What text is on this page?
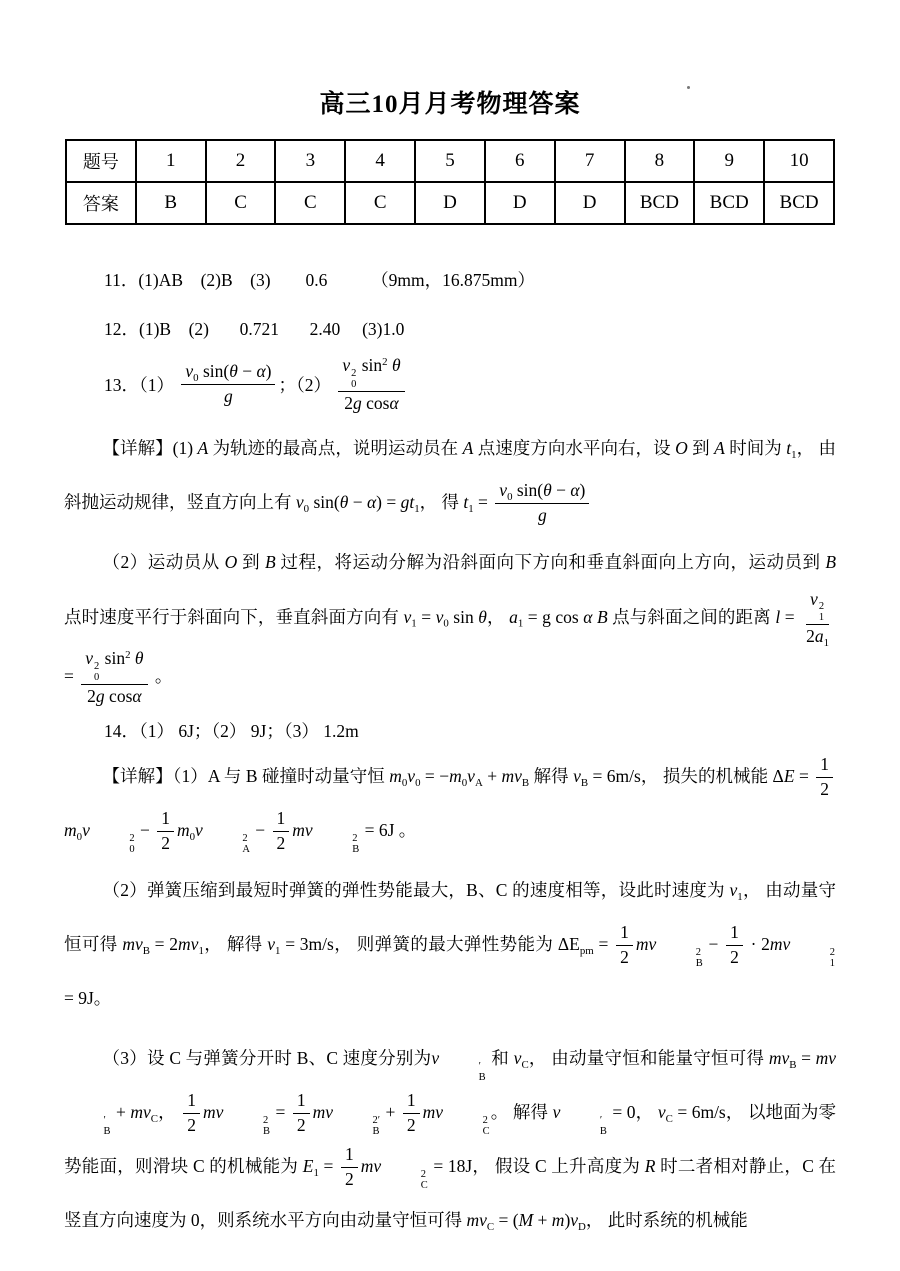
高三10月月考物理答案
题号	1	2	3	4	5	6	7	8	9	10
答案	B	C	C	C	D	D	D	BCD	BCD	BCD
11．(1)AB    (2)B    (3)        0.6          （9mm，16.875mm）
12．(1)B    (2)       0.721       2.40     (3)1.0
13．$(1) \frac{v_0 \sin(\theta - \alpha)}{g}$ ；（2） v 2
0
$\sin^2 \theta$
2g cosα

【详解】(1) A 为轨迹的最高点，说明运动员在 A 点速度方向水平向右，设 O 到 A 时间为 $t_1$， 由斜抛运动规律，竖直方向上有 $v_0$ $\sin(\theta - \alpha) = gt_1$， 得 $t_1 = \frac{v_0 \sin(\theta - \alpha)}{g}$

（2）运动员从 O 到 B 过程，将运动分解为沿斜面向下方向和垂直斜面向上方向，运动员到 B 点时速度平行于斜面向下，垂直斜面方向有 $v_1 = v_0$ sin θ， $a_1 = g$ cos α B 点与斜面之间的距离 l = v 2
1
$2a_1$
= v 2
0
$\sin^2 \theta$
2g cosα 。

14．（1） 6J；（2） 9J；（3） 1.2m

【详解】（1）A 与 B 碰撞时动量守恒 $m_0v_0 = -m_0v_A + mv_B$ 解得 $v_B = 6m/s$， 损失的机械能 $\Delta E = \frac{1}{2}$
$m_0v$	2
0
− $\frac{1}{2} m_0v$	2
A
− $\frac{1}{2}$ mv	2
B
= 6J 。

（2）弹簧压缩到最短时弹簧的弹性势能最大，B、C 的速度相等，设此时速度为 $v_1$， 由动量守恒可得 $mv_B = 2mv_1$， 解得 $v_1 = 3m/s$， 则弹簧的最大弹性势能为 $\Delta E_{pm} = \frac{1}{2}$ mv	2
B
− $\frac{1}{2} \cdot 2mv$	2
1
= 9J。

（3）设 C 与弹簧分开时 B、C 速度分别为v	′
B
和 $v_C$， 由动量守恒和能量守恒可得 $mv_B$ = mv
′
B
+ $mv_C$， $\frac{1}{2}$ mv	2
B
= $\frac{1}{2}$ mv	2′
B
+ $\frac{1}{2}$ mv	2
C
。 解得 v	′
B
= 0， $v_C = 6m/s$， 以地面为零势能面，则滑块 C 的机械能为 $E_1 = \frac{1}{2}$ mv	2
C
= 18J， 假设 C 上升高度为 R 时二者相对静止，C 在竖直方向速度为 0，则系统水平方向由动量守恒可得 $mv_C = (M + m)v_D$， 此时系统的机械能
